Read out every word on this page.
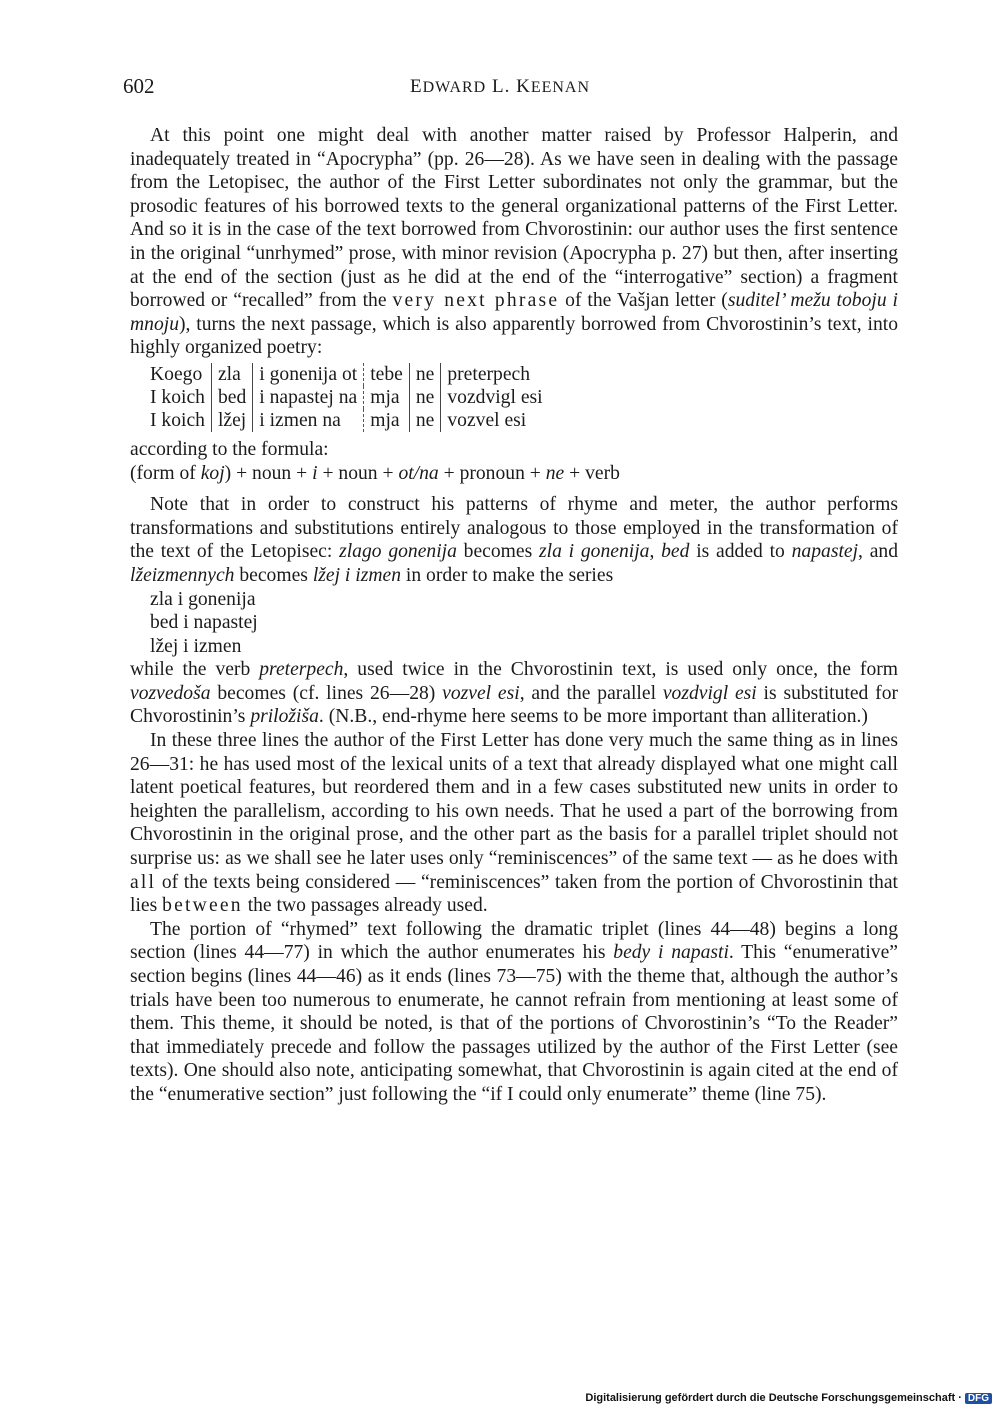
602	EDWARD L. KEENAN

At this point one might deal with another matter raised by Professor Halperin, and inadequately treated in “Apocrypha” (pp. 26—28). As we have seen in dealing with the passage from the Letopisec, the author of the First Letter subordinates not only the grammar, but the prosodic features of his borrowed texts to the general organizational patterns of the First Letter. And so it is in the case of the text borrowed from Chvorostinin: our author uses the first sentence in the original “unrhymed” prose, with minor revision (Apocrypha p. 27) but then, after inserting at the end of the section (just as he did at the end of the “interrogative” section) a fragment borrowed or “recalled” from the very next phrase of the Vašjan letter (suditel’ mežu toboju i mnoju), turns the next passage, which is also apparently borrowed from Chvorostinin’s text, into highly organized poetry:

Koego	zla	i gonenija ot	tebe	ne	preterpech
I koich	bed	i napastej na	mja	ne	vozdvigl esi
I koich	lžej	i izmen na	mja	ne	vozvel esi

according to the formula:

(form of koj) + noun + i + noun + ot/na + pronoun + ne + verb

Note that in order to construct his patterns of rhyme and meter, the author performs transformations and substitutions entirely analogous to those employed in the transformation of the text of the Letopisec: zlago gonenija becomes zla i gonenija, bed is added to napastej, and lžeizmennych becomes lžej i izmen in order to make the series

zla i gonenija
bed i napastej
lžej i izmen

while the verb preterpech, used twice in the Chvorostinin text, is used only once, the form vozvedoša becomes (cf. lines 26—28) vozvel esi, and the parallel vozdvigl esi is substituted for Chvorostinin’s priložiša. (N.B., end-rhyme here seems to be more important than alliteration.)

In these three lines the author of the First Letter has done very much the same thing as in lines 26—31: he has used most of the lexical units of a text that already displayed what one might call latent poetical features, but reordered them and in a few cases substituted new units in order to heighten the parallelism, according to his own needs. That he used a part of the borrowing from Chvorostinin in the original prose, and the other part as the basis for a parallel triplet should not surprise us: as we shall see he later uses only “reminiscences” of the same text — as he does with all of the texts being considered — “reminiscences” taken from the portion of Chvorostinin that lies between the two passages already used.

The portion of “rhymed” text following the dramatic triplet (lines 44—48) begins a long section (lines 44—77) in which the author enumerates his bedy i napasti. This “enumerative” section begins (lines 44—46) as it ends (lines 73—75) with the theme that, although the author’s trials have been too numerous to enumerate, he cannot refrain from mentioning at least some of them. This theme, it should be noted, is that of the portions of Chvorostinin’s “To the Reader” that immediately precede and follow the passages utilized by the author of the First Letter (see texts). One should also note, anticipating somewhat, that Chvorostinin is again cited at the end of the “enumerative section” just following the “if I could only enumerate” theme (line 75).

Digitalisierung gefördert durch die Deutsche Forschungsgemeinschaft · DFG
